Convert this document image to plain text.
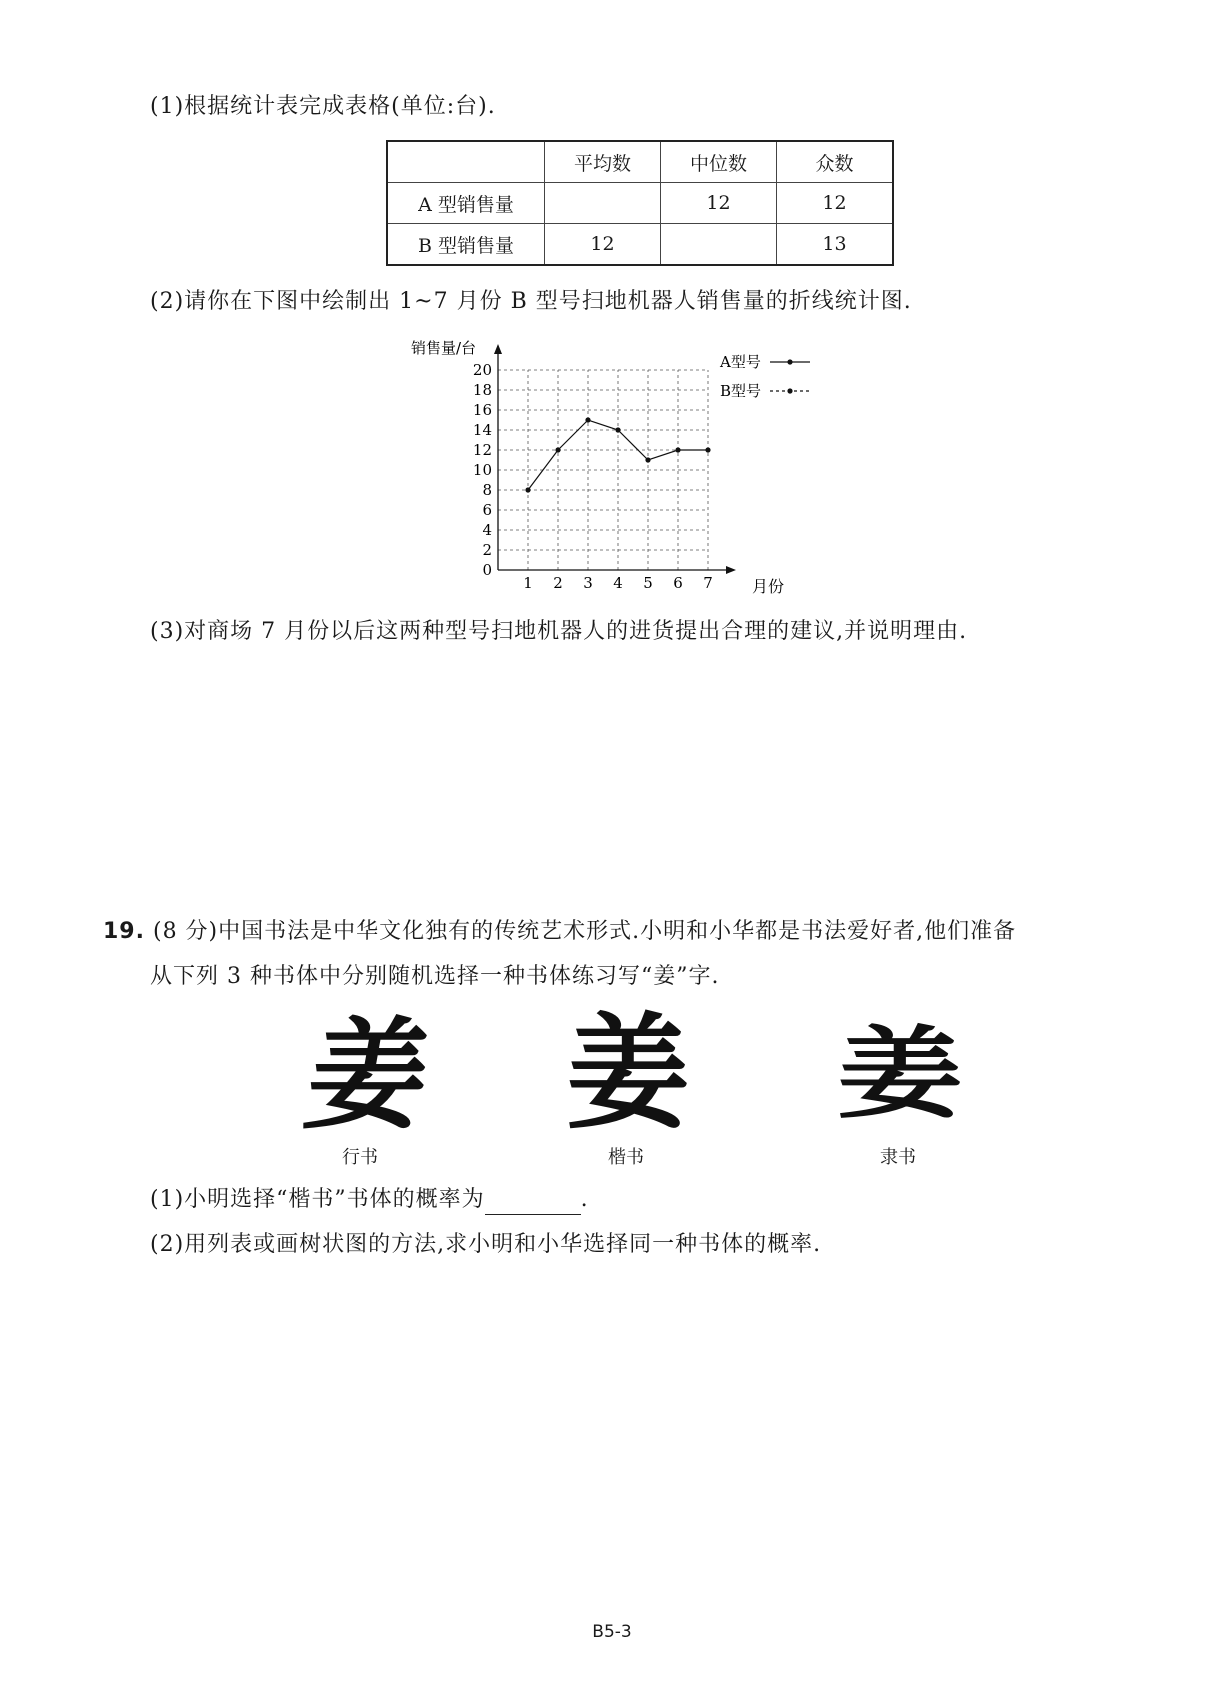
(1)根据统计表完成表格(单位:台).
	平均数	中位数	众数
A 型销售量		12	12
B 型销售量	12		13
(2)请你在下图中绘制出 1~7 月份 B 型号扫地机器人销售量的折线统计图.
0
2
4
6
8
10
12
14
16
18
20
1 2 3 4 5 6 7
A型号
B型号
销售量/台
月份
(3)对商场 7 月份以后这两种型号扫地机器人的进货提出合理的建议,并说明理由.
19. (8 分)中国书法是中华文化独有的传统艺术形式.小明和小华都是书法爱好者,他们准备
从下列 3 种书体中分别随机选择一种书体练习写“姜”字.
姜
行书
姜
楷书
姜
隶书
(1)小明选择“楷书”书体的概率为	.
(2)用列表或画树状图的方法,求小明和小华选择同一种书体的概率.
B5-3
